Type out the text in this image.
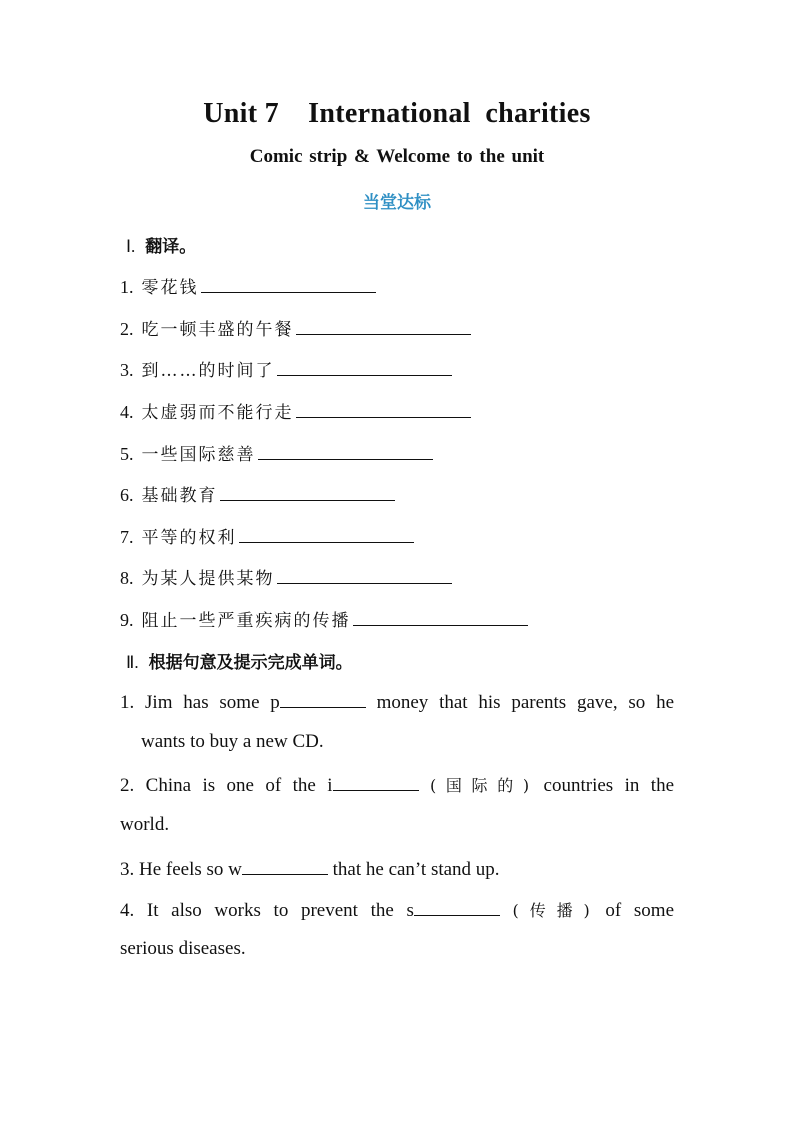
Unit 7    International  charities
Comic strip & Welcome to the unit
当堂达标
Ⅰ. 翻译。
1. 零花钱
2. 吃一顿丰盛的午餐
3. 到……的时间了
4. 太虚弱而不能行走
5. 一些国际慈善
6. 基础教育
7. 平等的权利
8. 为某人提供某物
9. 阻止一些严重疾病的传播
Ⅱ. 根据句意及提示完成单词。
1. Jim has some p	money that his parents gave, so he
wants to buy a new CD.
2. China is one of the i	(国际的) countries in the
world.
3. He feels so w	that he can’t stand up.
4. It also works to prevent the s	(传播) of some
serious diseases.
